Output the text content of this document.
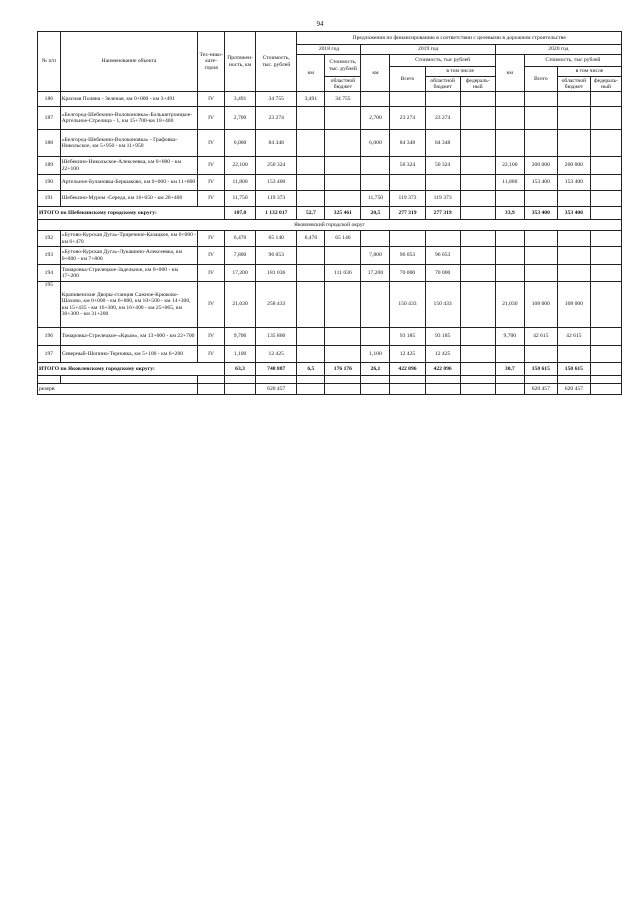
94
№ п/п	Наименование объекта	Тех-нико-кате-гория	Протяжен-ность, км	Стоимость, тыс. рублей	Предложения по финансированию в соответствии с целевыми в дорожном строительстве									
					2018 год		2019 год				2020 год			
					км	Стоимость, тыс. рублей	км	Стоимость, тыс рублей			км	Стоимость, тыс рублей		
								Всего	в том числе			Всего	в том числе	
						областной бюджет			областной бюджет	федераль-ный			областной бюджет	федераль-ный
186	Красная Поляна - Зеленая, км 0+000 - км 3+491	IV	3,491	34 755	3,491	34 755								
187	«Белгород-Шебекино-Волоконовка»-Большетроицкое-Артельное-Стрелица - 1, км 15+700-км 18+400	IV	2,700	23 274			2,700	23 274	23 274					
188	«Белгород-Шебекино-Волоконовка» - Графовка-Никольское, км 5+950 - км 11+950	IV	6,000	84 348			6,000	84 348	84 348					
189	Шебекино-Никольское-Алексеевка, км 0+000 - км 22+100	IV	22,100	250 324				50 324	50 324		22,100	200 000	200 000	
190	Артельное-Булановка-Бершаково, км 0+000 - км 11+800	IV	11,800	153 400							11,800	153 400	153 400	
191	Шебекино-Муром -Середа, км 16+650 - км 28+400	IV	11,750	119 373			11,750	119 373	119 373					
ИТОГО по Шебекинскому городскому округу:			107,0	1 132 017	52,7	325 461	20,5	277 319	277 319		33,9	353 400	353 400	
Яковлевский городской округ														
192	«Бутово-Курская Дуга»-Триречное-Казацкое, км 0+000 - км 6+470	IV	6,470	65 140	6,470	65 140								
193	«Бутово-Курская Дуга»-Лукашино-Алексеевка, км 0+000 - км 7+800	IV	7,800	96 053			7,800	96 053	96 053					
194	Томаровка-Стрелецкое-Задельное, км 0+000 - км 17+200	IV	17,200	181 036		111 036	17,200	70 000	70 000					
195	Крапивенские Дворы-станция Сажное-Крюково-Шахово, км 0+000 - км 6+800, км 10+500 - км 14+300, км 15+435 - км 16+300, км 16+400 - км 25+065, км 30+300 - км 31+200	IV	21,030	258 433				150 433	150 433		21,030	108 000	108 000	
196	Томаровка-Стрелецкое-«Крым», км 13+000 - км 22+700	IV	9,700	135 800				93 185	93 185		9,700	42 615	42 615	
197	Северный-Шопино-Терновка, км 5+100 - км 6+200	IV	1,100	12 425			1,100	12 425	12 425					
ИТОГО по Яковлевскому городскому округу:			63,3	748 887	6,5	176 176	26,1	422 096	422 096		30,7	150 615	150 615	

резерв				620 457								620 457	620 457	
